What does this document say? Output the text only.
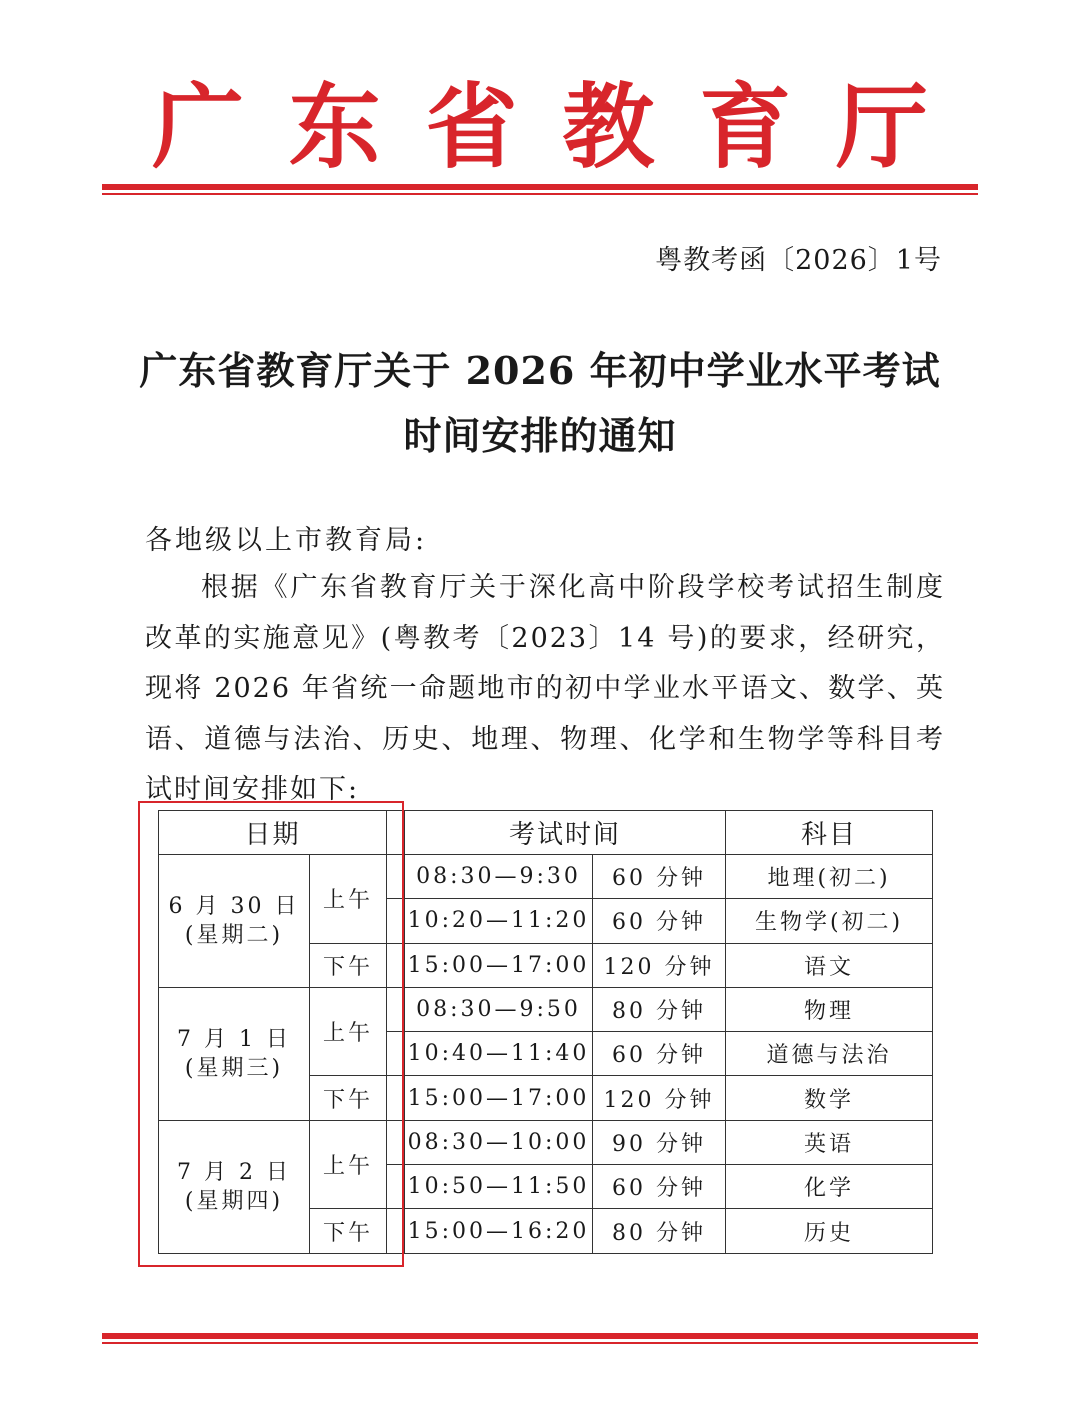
广 东 省 教 育 厅
粤教考函〔2026〕1号
广东省教育厅关于 2026 年初中学业水平考试
时间安排的通知
各地级以上市教育局:

根据《广东省教育厅关于深化高中阶段学校考试招生制度改革的实施意见》(粤教考〔2023〕14 号)的要求，经研究，现将 2026 年省统一命题地市的初中学业水平语文、数学、英语、道德与法治、历史、地理、物理、化学和生物学等科目考试时间安排如下:

日期			考试时间		科目

6 月 30 日
(星期二)	上午		08:30—9:30	60 分钟	地理(初二)
			10:20—11:20	60 分钟	生物学(初二)
	下午		15:00—17:00	120 分钟	语文

7 月 1 日
(星期三)	上午		08:30—9:50	80 分钟	物理
			10:40—11:40	60 分钟	道德与法治
	下午		15:00—17:00	120 分钟	数学

7 月 2 日
(星期四)	上午		08:30—10:00	90 分钟	英语
			10:50—11:50	60 分钟	化学
	下午		15:00—16:20	80 分钟	历史
